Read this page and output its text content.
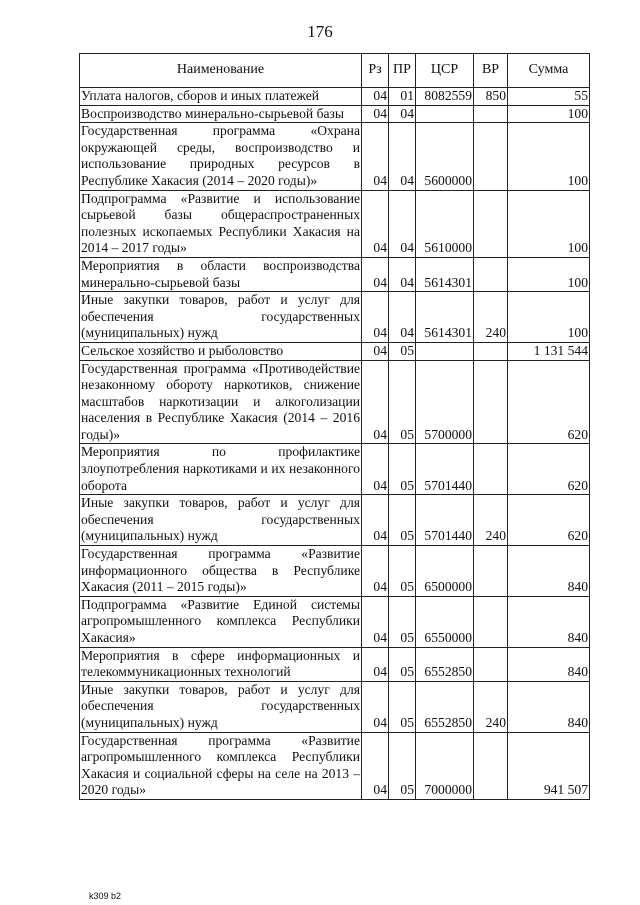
176
Наименование	Рз	ПР	ЦСР	ВР	Сумма
Уплата налогов, сборов и иных платежей	04	01	8082559	850	55
Воспроизводство минерально-сырьевой базы	04	04			100
Государственная программа «Охрана окружающей среды, воспроизводство и использование природных ресурсов в Республике Хакасия (2014 – 2020 годы)»	04	04	5600000		100
Подпрограмма «Развитие и использование сырьевой базы общераспространенных полезных ископаемых Республики Хакасия на 2014 – 2017 годы»	04	04	5610000		100
Мероприятия в области воспроизводства минерально-сырьевой базы	04	04	5614301		100
Иные закупки товаров, работ и услуг для обеспечения государственных (муниципальных) нужд	04	04	5614301	240	100
Сельское хозяйство и рыболовство	04	05			1 131 544
Государственная программа «Противодействие незаконному обороту наркотиков, снижение масштабов наркотизации и алкоголизации населения в Республике Хакасия (2014 – 2016 годы)»	04	05	5700000		620
Мероприятия по профилактике злоупотребления наркотиками и их незаконного оборота	04	05	5701440		620
Иные закупки товаров, работ и услуг для обеспечения государственных (муниципальных) нужд	04	05	5701440	240	620
Государственная программа «Развитие информационного общества в Республике Хакасия (2011 – 2015 годы)»	04	05	6500000		840
Подпрограмма «Развитие Единой системы агропромышленного комплекса Республики Хакасия»	04	05	6550000		840
Мероприятия в сфере информационных и телекоммуникационных технологий	04	05	6552850		840
Иные закупки товаров, работ и услуг для обеспечения государственных (муниципальных) нужд	04	05	6552850	240	840
Государственная программа «Развитие агропромышленного комплекса Республики Хакасия и социальной сферы на селе на 2013 – 2020 годы»	04	05	7000000		941 507
k309 b2
